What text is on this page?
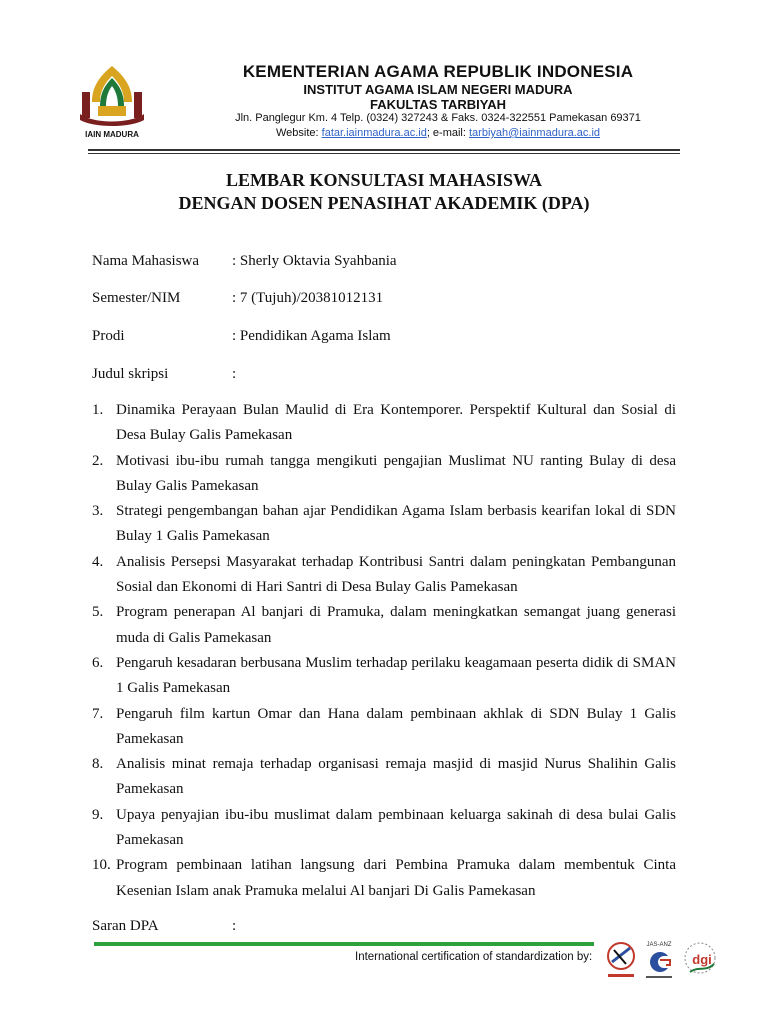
IAIN MADURA
KEMENTERIAN AGAMA REPUBLIK INDONESIA
INSTITUT AGAMA ISLAM NEGERI MADURA
FAKULTAS TARBIYAH
Jln. Panglegur Km. 4 Telp. (0324) 327243 & Faks. 0324-322551 Pamekasan 69371
Website: fatar.iainmadura.ac.id; e-mail: tarbiyah@iainmadura.ac.id
LEMBAR KONSULTASI MAHASISWA
DENGAN DOSEN PENASIHAT AKADEMIK (DPA)
Nama Mahasiswa : Sherly Oktavia Syahbania
Semester/NIM	: 7 (Tujuh)/20381012131
Prodi	: Pendidikan Agama Islam
Judul skripsi	:
1. Dinamika Perayaan Bulan Maulid di Era Kontemporer. Perspektif Kultural dan Sosial di Desa Bulay Galis Pamekasan
2. Motivasi ibu-ibu rumah tangga mengikuti pengajian Muslimat NU ranting Bulay di desa Bulay Galis Pamekasan
3. Strategi pengembangan bahan ajar Pendidikan Agama Islam berbasis kearifan lokal di SDN Bulay 1 Galis Pamekasan
4. Analisis Persepsi Masyarakat terhadap Kontribusi Santri dalam peningkatan Pembangunan Sosial dan Ekonomi di Hari Santri di Desa Bulay Galis Pamekasan
5. Program penerapan Al banjari di Pramuka, dalam meningkatkan semangat juang generasi muda di Galis Pamekasan
6. Pengaruh kesadaran berbusana Muslim terhadap perilaku keagamaan peserta didik di SMAN 1 Galis Pamekasan
7. Pengaruh film kartun Omar dan Hana dalam pembinaan akhlak di SDN Bulay 1 Galis Pamekasan
8. Analisis minat remaja terhadap organisasi remaja masjid di masjid Nurus Shalihin Galis Pamekasan
9. Upaya penyajian ibu-ibu muslimat dalam pembinaan keluarga sakinah di desa bulai Galis Pamekasan
10. Program pembinaan latihan langsung dari Pembina Pramuka dalam membentuk Cinta Kesenian Islam anak Pramuka melalui Al banjari Di Galis Pamekasan
Saran DPA	:
International certification of standardization by:
JAS-ANZ
dgi
